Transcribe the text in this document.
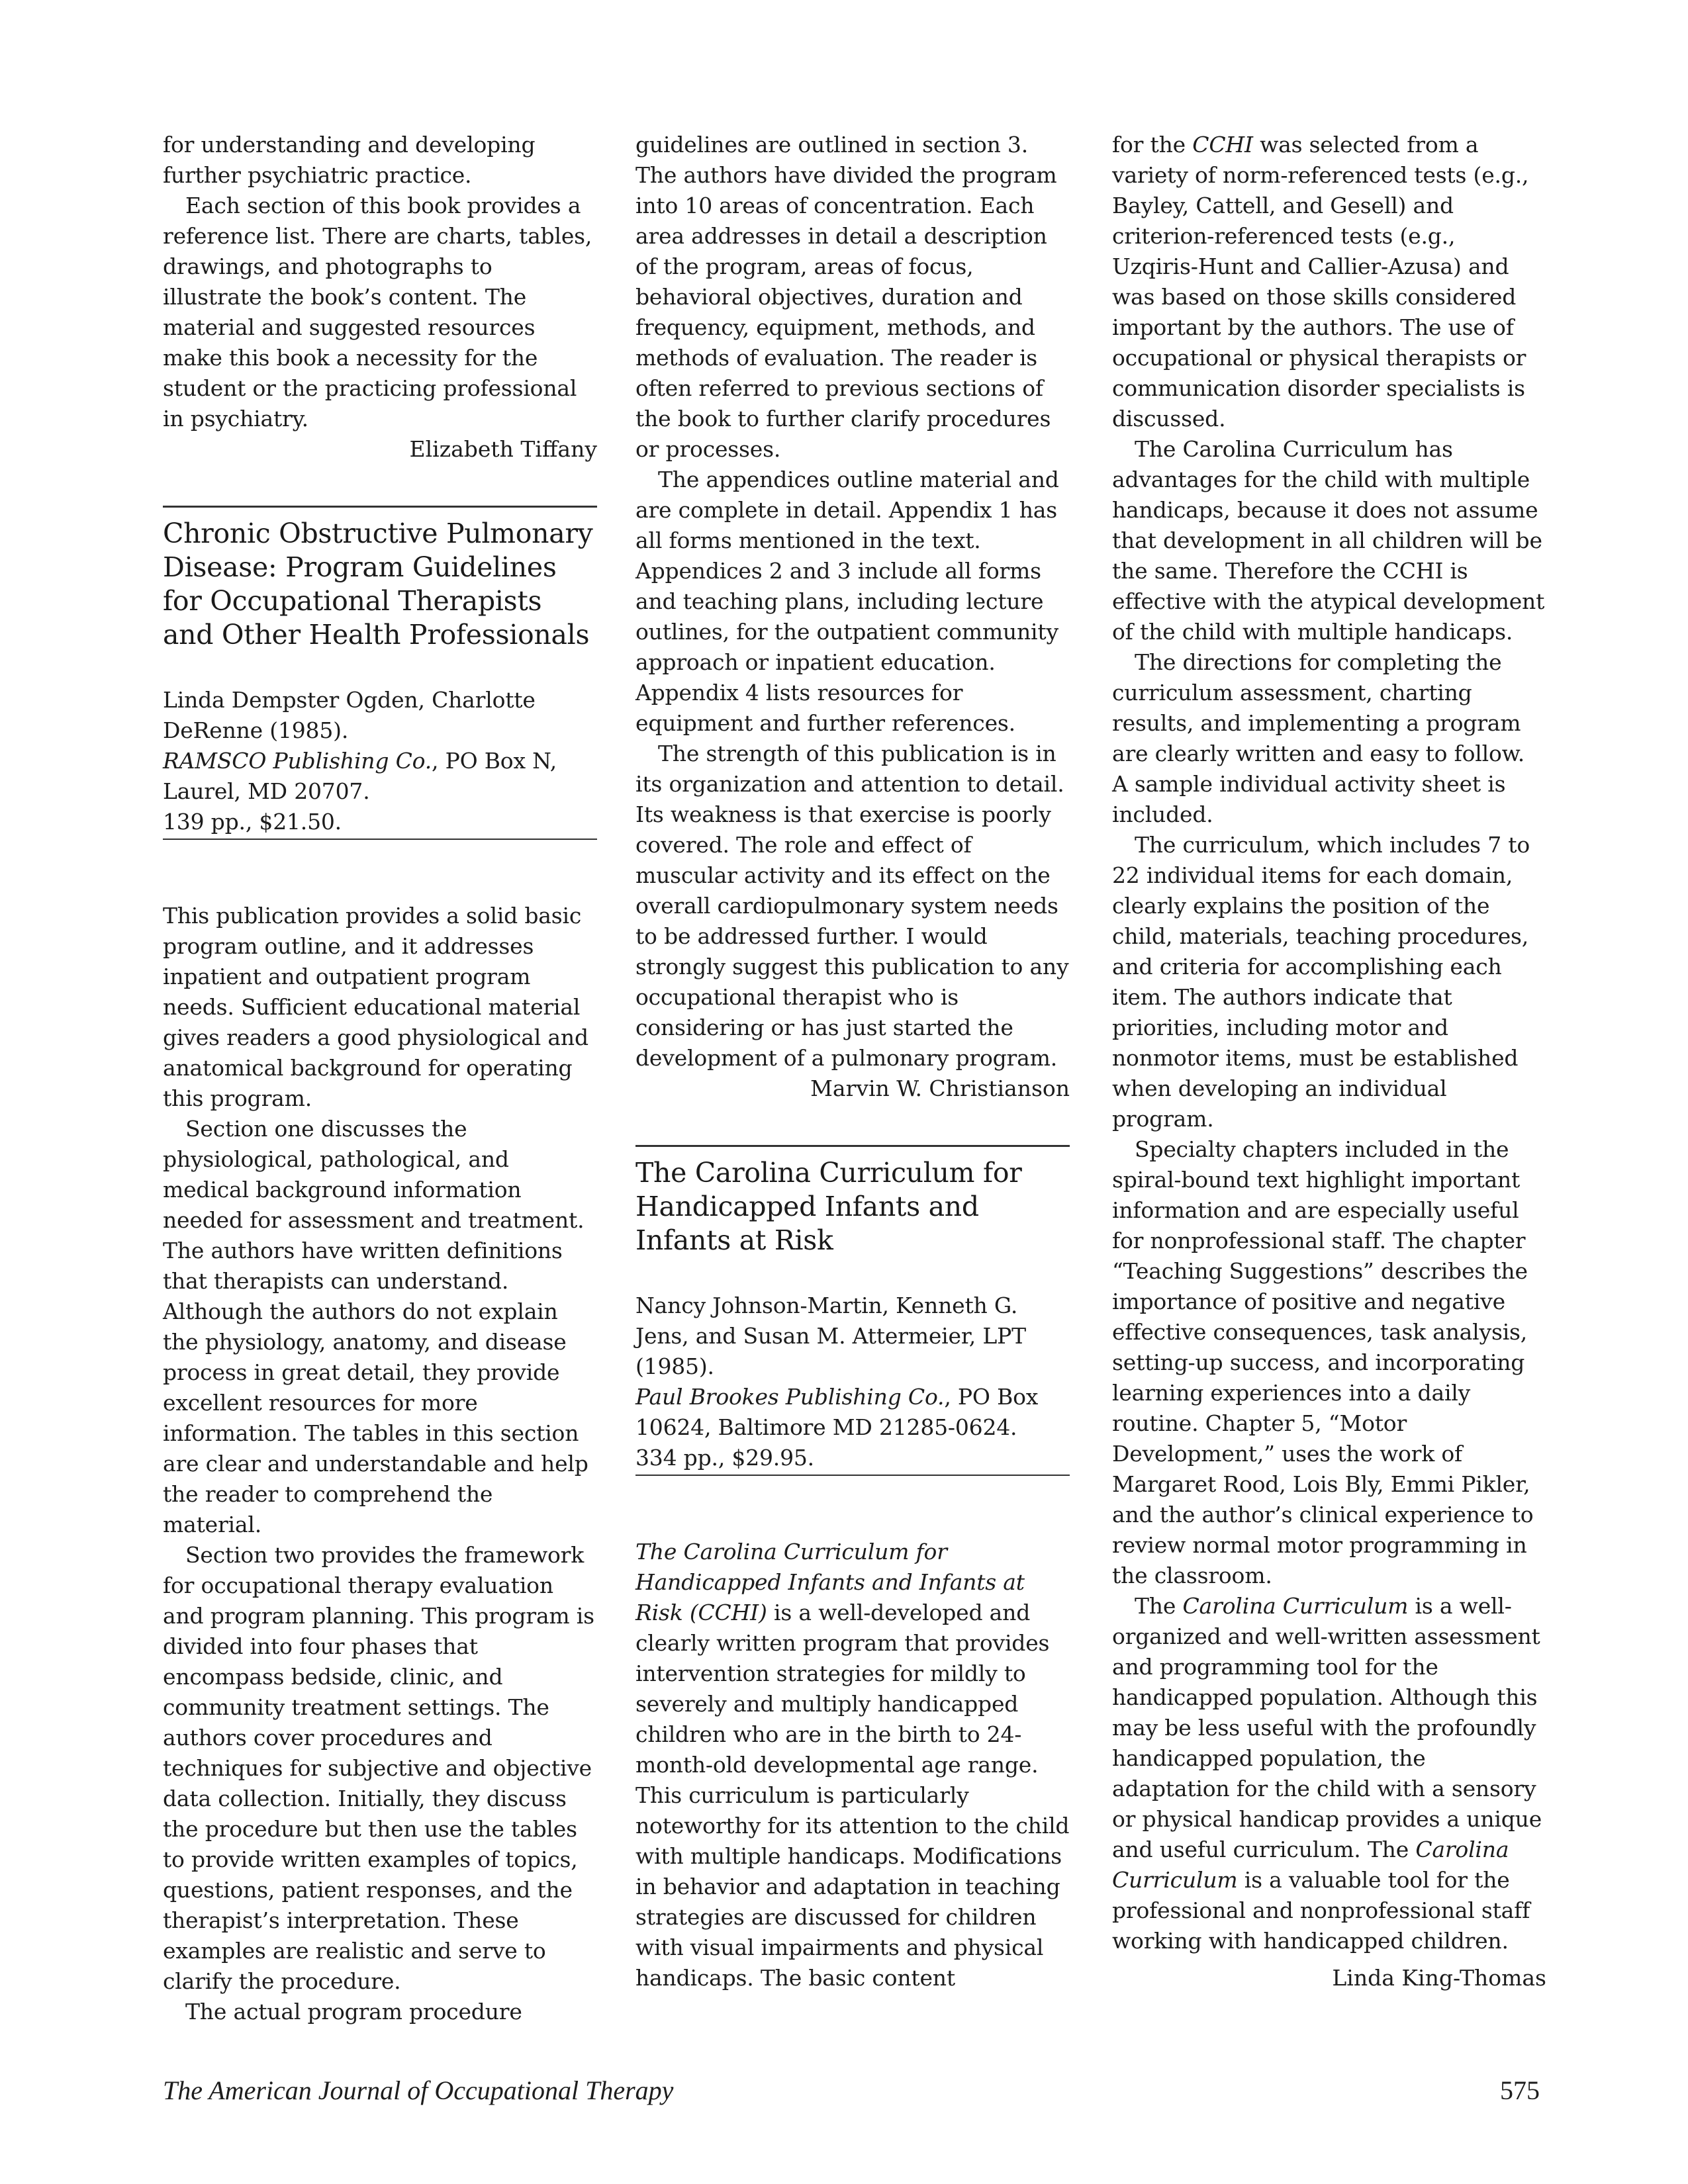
for understanding and developing further psychiatric practice.

Each section of this book provides a reference list. There are charts, tables, drawings, and photographs to illustrate the book’s content. The material and suggested resources make this book a necessity for the student or the practicing professional in psychiatry.

Elizabeth Tiffany
Chronic Obstructive Pulmonary Disease: Program Guidelines for Occupational Therapists and Other Health Professionals

Linda Dempster Ogden, Charlotte DeRenne (1985).

RAMSCO Publishing Co., PO Box N, Laurel, MD 20707.

139 pp., $21.50.

This publication provides a solid basic program outline, and it addresses inpatient and outpatient program needs. Sufficient educational material gives readers a good physiological and anatomical background for operating this program.

Section one discusses the physiological, pathological, and medical background information needed for assessment and treatment. The authors have written definitions that therapists can understand. Although the authors do not explain the physiology, anatomy, and disease process in great detail, they provide excellent resources for more information. The tables in this section are clear and understandable and help the reader to comprehend the material.

Section two provides the framework for occupational therapy evaluation and program planning. This program is divided into four phases that encompass bedside, clinic, and community treatment settings. The authors cover procedures and techniques for subjective and objective data collection. Initially, they discuss the procedure but then use the tables to provide written examples of topics, questions, patient responses, and the therapist’s interpretation. These examples are realistic and serve to clarify the procedure.

The actual program procedure

guidelines are outlined in section 3. The authors have divided the program into 10 areas of concentration. Each area addresses in detail a description of the program, areas of focus, behavioral objectives, duration and frequency, equipment, methods, and methods of evaluation. The reader is often referred to previous sections of the book to further clarify procedures or processes.

The appendices outline material and are complete in detail. Appendix 1 has all forms mentioned in the text. Appendices 2 and 3 include all forms and teaching plans, including lecture outlines, for the outpatient community approach or inpatient education. Appendix 4 lists resources for equipment and further references.

The strength of this publication is in its organization and attention to detail. Its weakness is that exercise is poorly covered. The role and effect of muscular activity and its effect on the overall cardiopulmonary system needs to be addressed further. I would strongly suggest this publication to any occupational therapist who is considering or has just started the development of a pulmonary program.

Marvin W. Christianson
The Carolina Curriculum for Handicapped Infants and Infants at Risk

Nancy Johnson-Martin, Kenneth G. Jens, and Susan M. Attermeier, LPT (1985).

Paul Brookes Publishing Co., PO Box 10624, Baltimore MD 21285-0624.

334 pp., $29.95.

The Carolina Curriculum for Handicapped Infants and Infants at Risk (CCHI) is a well-developed and clearly written program that provides intervention strategies for mildly to severely and multiply handicapped children who are in the birth to 24-month-old developmental age range. This curriculum is particularly noteworthy for its attention to the child with multiple handicaps. Modifications in behavior and adaptation in teaching strategies are discussed for children with visual impairments and physical handicaps. The basic content

for the CCHI was selected from a variety of norm-referenced tests (e.g., Bayley, Cattell, and Gesell) and criterion-referenced tests (e.g., Uzqiris-Hunt and Callier-Azusa) and was based on those skills considered important by the authors. The use of occupational or physical therapists or communication disorder specialists is discussed.

The Carolina Curriculum has advantages for the child with multiple handicaps, because it does not assume that development in all children will be the same. Therefore the CCHI is effective with the atypical development of the child with multiple handicaps.

The directions for completing the curriculum assessment, charting results, and implementing a program are clearly written and easy to follow. A sample individual activity sheet is included.

The curriculum, which includes 7 to 22 individual items for each domain, clearly explains the position of the child, materials, teaching procedures, and criteria for accomplishing each item. The authors indicate that priorities, including motor and nonmotor items, must be established when developing an individual program.

Specialty chapters included in the spiral-bound text highlight important information and are especially useful for nonprofessional staff. The chapter “Teaching Suggestions” describes the importance of positive and negative effective consequences, task analysis, setting-up success, and incorporating learning experiences into a daily routine. Chapter 5, “Motor Development,” uses the work of Margaret Rood, Lois Bly, Emmi Pikler, and the author’s clinical experience to review normal motor programming in the classroom.

The Carolina Curriculum is a well-organized and well-written assessment and programming tool for the handicapped population. Although this may be less useful with the profoundly handicapped population, the adaptation for the child with a sensory or physical handicap provides a unique and useful curriculum. The Carolina Curriculum is a valuable tool for the professional and nonprofessional staff working with handicapped children.

Linda King-Thomas
The American Journal of Occupational Therapy	575
